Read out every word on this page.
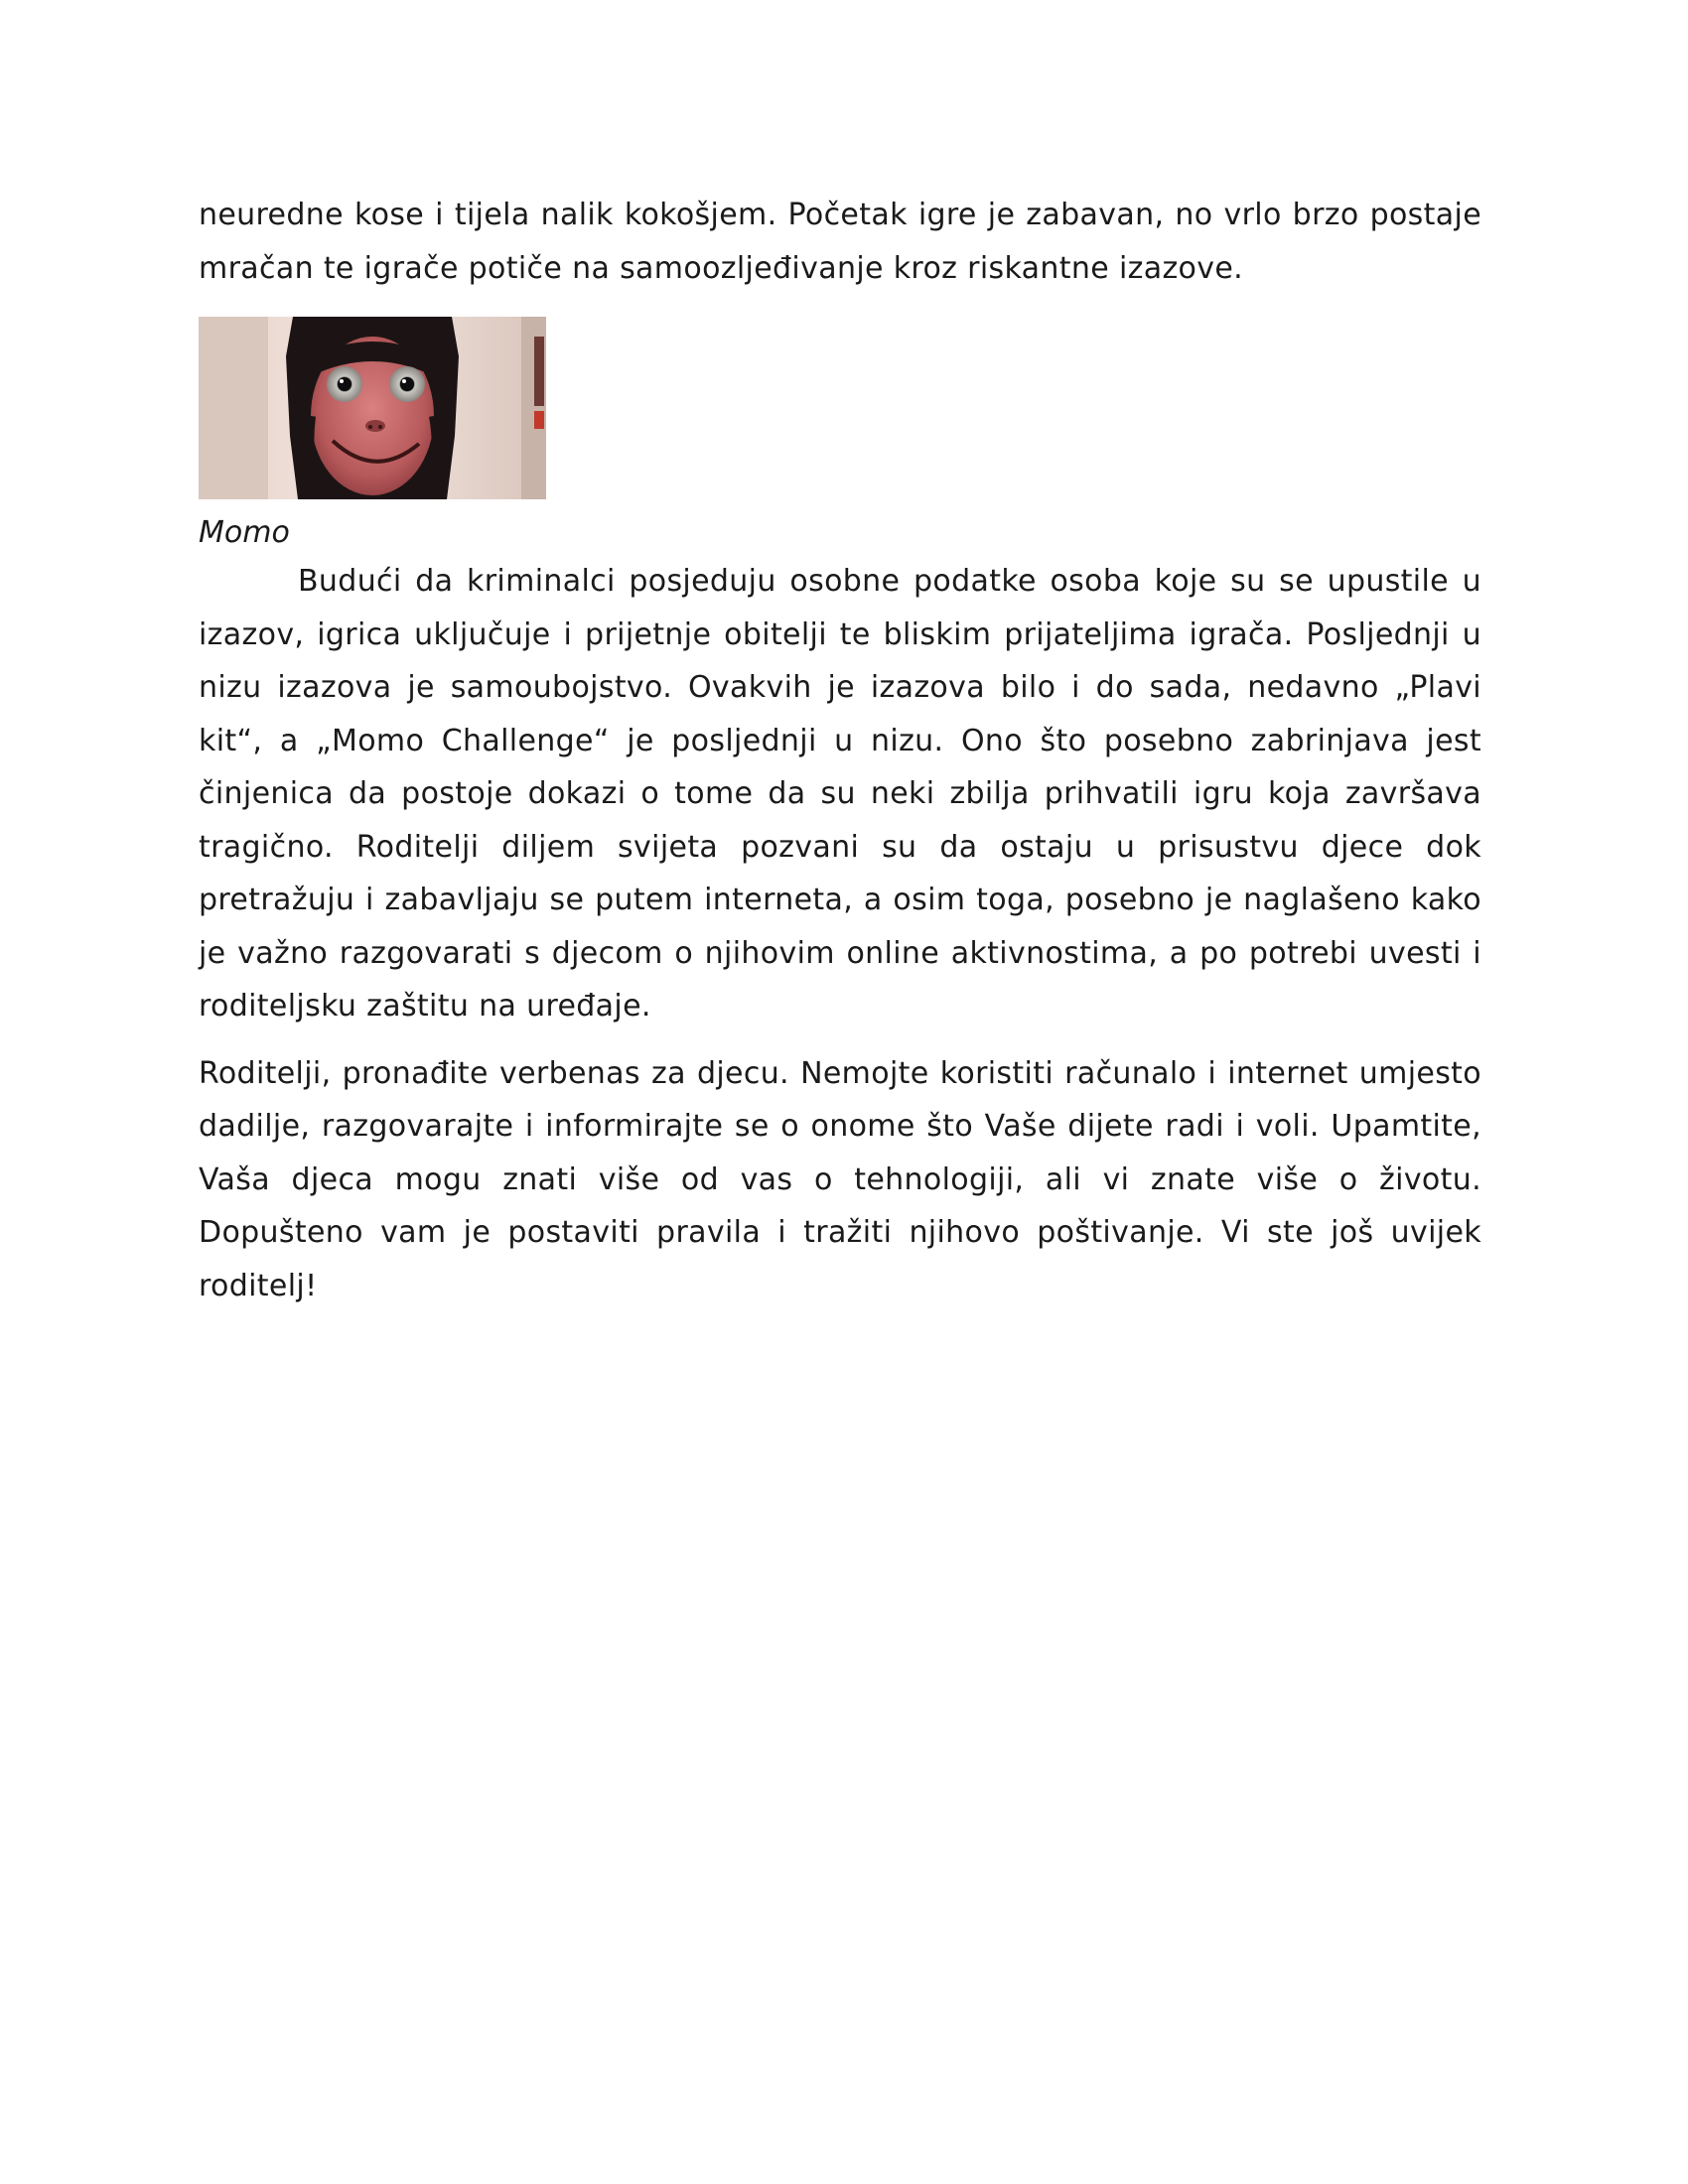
neuredne kose i tijela nalik kokošjem. Početak igre je zabavan, no vrlo brzo postaje mračan te igrače potiče na samoozljeđivanje kroz riskantne izazove.

Momo

Budući da kriminalci posjeduju osobne podatke osoba koje su se upustile u izazov, igrica uključuje i prijetnje obitelji te bliskim prijateljima igrača. Posljednji u nizu izazova je samoubojstvo. Ovakvih je izazova bilo i do sada, nedavno „Plavi kit“, a „Momo Challenge“ je posljednji u nizu. Ono što posebno zabrinjava jest činjenica da postoje dokazi o tome da su neki zbilja prihvatili igru koja završava tragično. Roditelji diljem svijeta pozvani su da ostaju u prisustvu djece dok pretražuju i zabavljaju se putem interneta, a osim toga, posebno je naglašeno kako je važno razgovarati s djecom o njihovim online aktivnostima, a po potrebi uvesti i roditeljsku zaštitu na uređaje.

Roditelji, pronađite verbenas za djecu. Nemojte koristiti računalo i internet umjesto dadilje, razgovarajte i informirajte se o onome što Vaše dijete radi i voli. Upamtite, Vaša djeca mogu znati više od vas o tehnologiji, ali vi znate više o životu. Dopušteno vam je postaviti pravila i tražiti njihovo poštivanje. Vi ste još uvijek roditelj!
